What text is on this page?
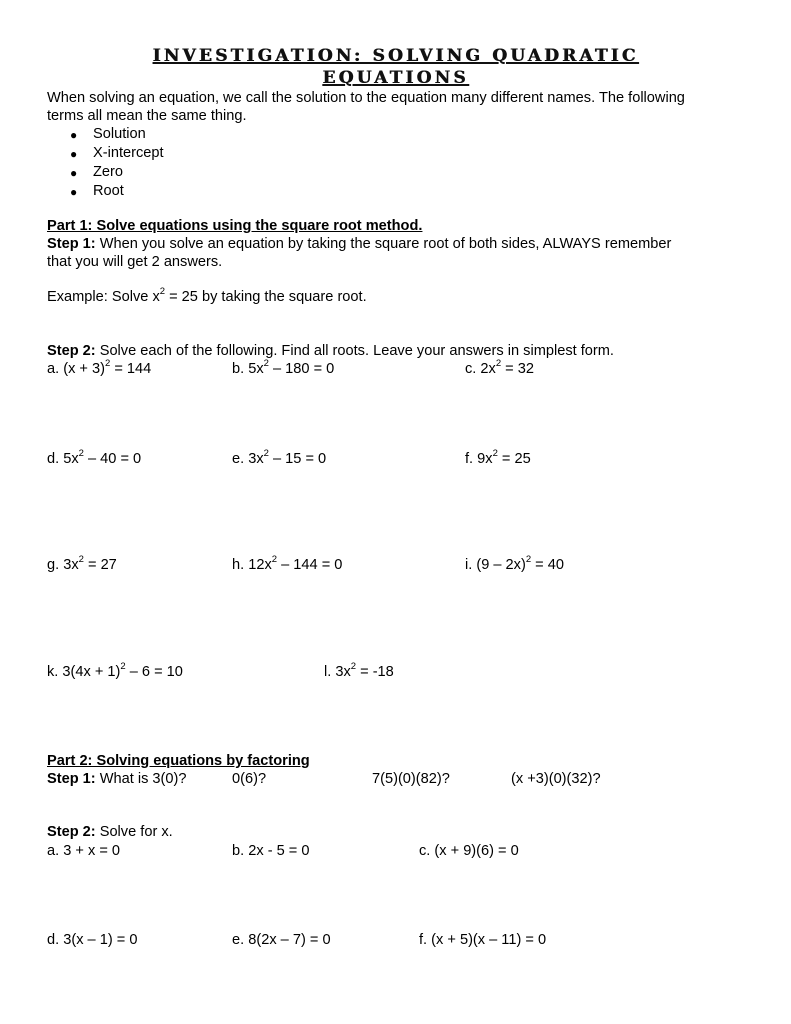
INVESTIGATION: SOLVING QUADRATIC
EQUATIONS
When solving an equation, we call the solution to the equation many different names. The following
terms all mean the same thing.
● Solution
● X-intercept
● Zero
● Root
Part 1: Solve equations using the square root method.
Step 1: When you solve an equation by taking the square root of both sides, ALWAYS remember
that you will get 2 answers.
Example: Solve $x^2 = 25$ by taking the square root.
Step 2: Solve each of the following. Find all roots. Leave your answers in simplest form.
a. $(x + 3)^2 = 144$	b. $5x^2 - 180 = 0$	c. $2x^2 = 32$
d. $5x^2 - 40 = 0$	e. $3x^2 - 15 = 0$	f. $9x^2 = 25$
g. $3x^2 = 27$	h. $12x^2 - 144 = 0$	i. (9 – 2x)$^2$ = 40
k. $3(4x + 1)^2 - 6 = 10$	l. $3x^2 = -18$
Part 2: Solving equations by factoring
Step 1: What is 3(0)?	0(6)?	7(5)(0)(82)?	(x +3)(0)(32)?
Step 2: Solve for x.
a. 3 + x = 0	b. 2x - 5 = 0	c. (x + 9)(6) = 0
d. 3(x – 1) = 0	e. 8(2x – 7) = 0	f. (x + 5)(x – 11) = 0
